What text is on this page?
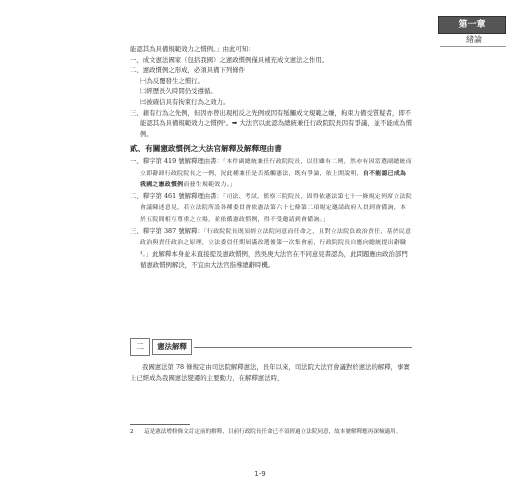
第一章
緒論

能認其為具備規範效力之慣例。」由此可知：

一、成文憲法國家（包括我國）之憲政慣例僅具補充成文憲法之作用。

二、憲政慣例之形成，必須具備下列條件

㈠為反覆發生之慣行。

㈡經歷長久時間仍受遵循。

㈢被確信具有拘束行為之效力。

三、藉有行為之先例，但因亦曾出現相反之先例或因有牴觸成文規範之嫌，拘束力備受質疑者，即不能認其為具備規範效力之慣例²。➡ 大法官以此認為總統兼任行政院院長因有爭議，並不能成為慣例。

貳、有關憲政慣例之大法官解釋及解釋理由書

一、釋字第 419 號解釋理由書：「本件副總統兼任行政院院長，以往雖有二例，然亦有因當選副總統而立即辭卸行政院院長之一例，況此種兼任是否抵觸憲法，既有爭論，依上開說明，自不能認已成為我國之憲政慣例而發生規範效力。」

二、釋字第 461 號解釋理由書：「司法、考試、監察三院院長，固得依憲法第七十一條規定列席立法院會議陳述意見，若立法院所設各種委員會依憲法第六十七條第二項規定邀請政府人員到會備詢，本於五院間相互尊重之立場，並依循憲政慣例，得不受邀請到會備詢。」

三、釋字第 387 號解釋：「行政院院長既須經立法院同意而任命之，且對立法院負政治責任，基於民意政治與責任政治之原理，立法委員任期屆滿改選後第一次集會前，行政院院長自應向總統提出辭職³。」此解釋本身並未直接提及憲政慣例，然吳庚大法官在不同意見書認為，此問題應由政治部門循憲政慣例解決，不宜由大法官指導總辭時機。

二	憲法解釋

我國憲法第 78 條規定由司法院解釋憲法，長年以來，司法院大法官會議對於憲法的解釋，事實上已經成為我國憲法變遷的主要動力，在解釋憲法時，

2 這是憲法增修條文訂定前的解釋，目前行政院長任命已不須經過立法院同意，故本號解釋應再深檢適用。
1-9
